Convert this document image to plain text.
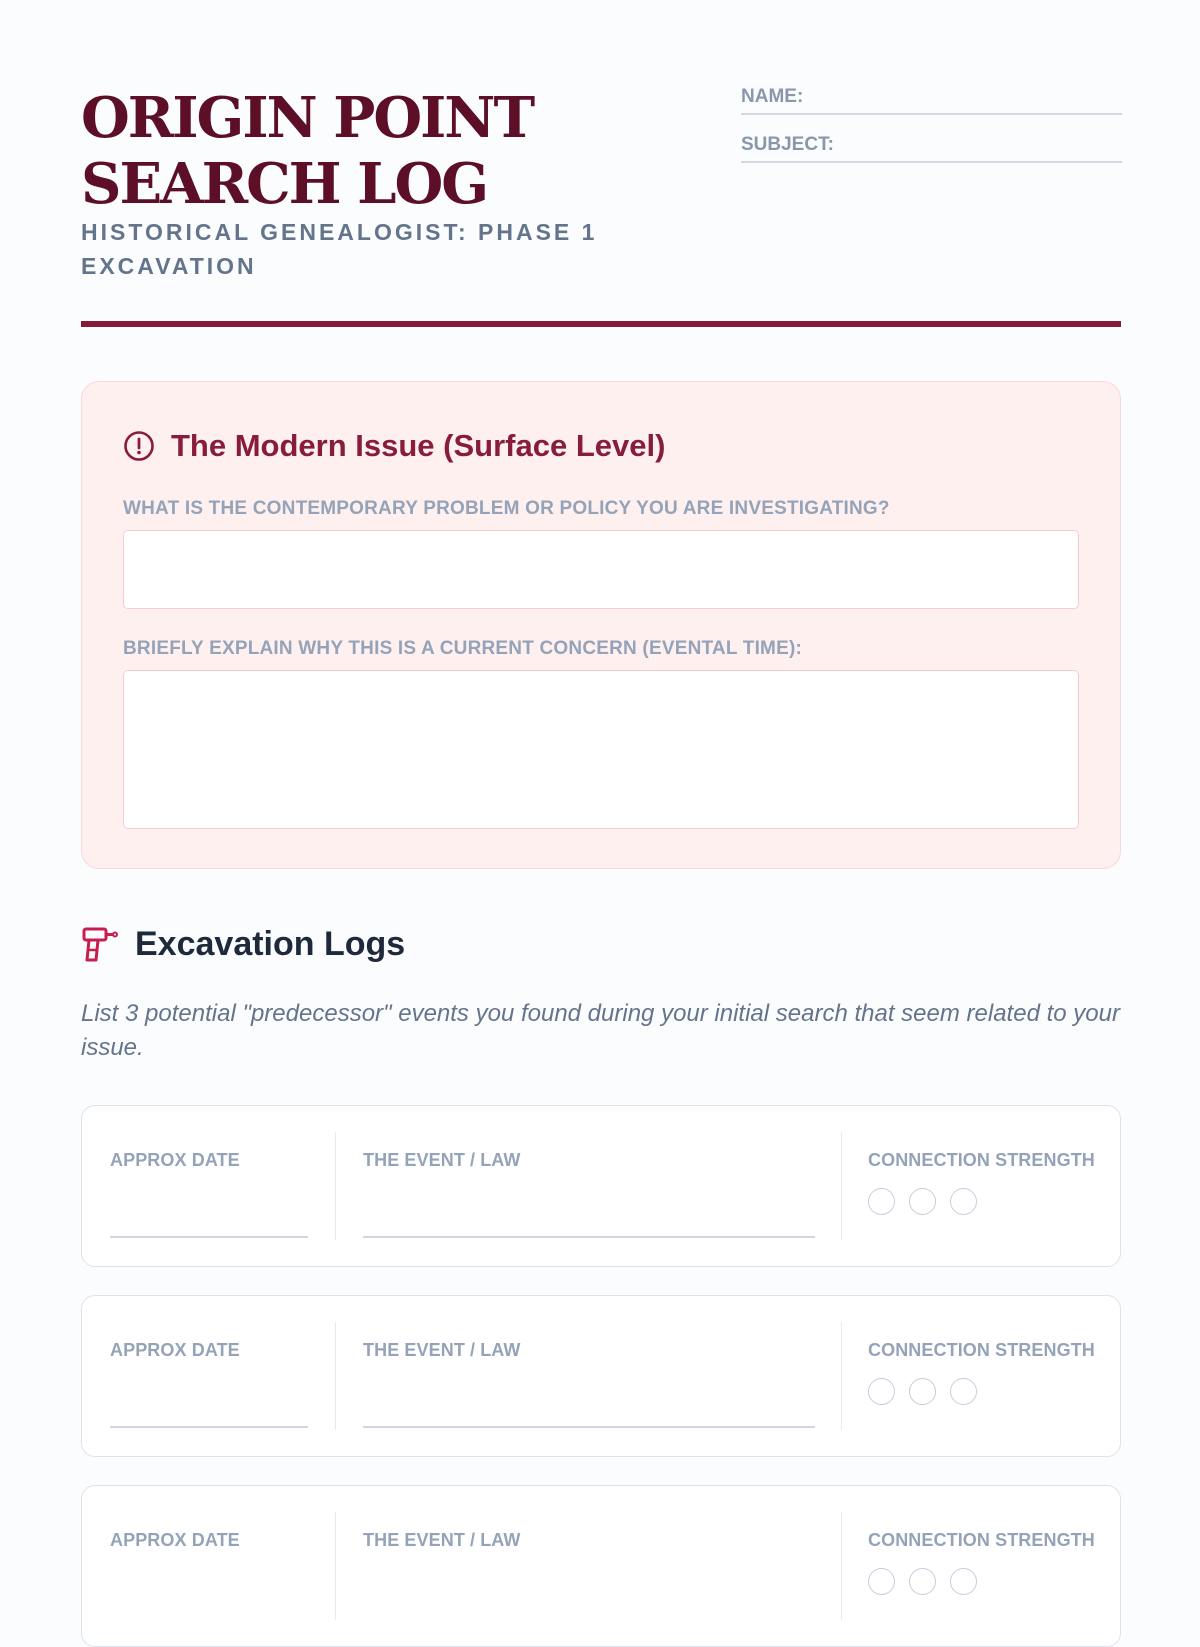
ORIGIN POINT SEARCH LOG
HISTORICAL GENEALOGIST: PHASE 1 EXCAVATION
NAME:
SUBJECT:
The Modern Issue (Surface Level)
WHAT IS THE CONTEMPORARY PROBLEM OR POLICY YOU ARE INVESTIGATING?
BRIEFLY EXPLAIN WHY THIS IS A CURRENT CONCERN (EVENTAL TIME):
Excavation Logs
List 3 potential "predecessor" events you found during your initial search that seem related to your issue.
APPROX DATE	THE EVENT / LAW	CONNECTION STRENGTH
APPROX DATE	THE EVENT / LAW	CONNECTION STRENGTH
APPROX DATE	THE EVENT / LAW	CONNECTION STRENGTH
